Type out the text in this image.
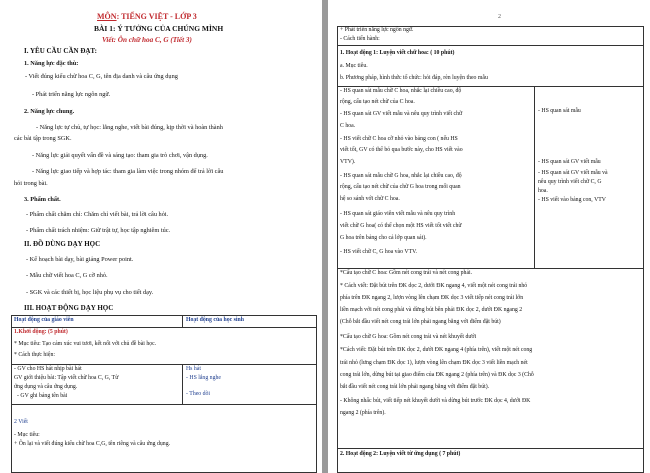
MÔN: TIẾNG VIỆT - LỚP 3
BÀI 1: Ý TƯỞNG CỦA CHÚNG MÌNH
Viết: Ôn chữ hoa C, G (Tiết 3)
I. YÊU CẦU CẦN ĐẠT:
1. Năng lực đặc thù:
- Viết đúng kiểu chữ hoa C, G, tên địa danh và câu ứng dụng
- Phát triển năng lực ngôn ngữ.
2. Năng lực chung.
- Năng lực tự chủ, tự học: lắng nghe, viết bài đúng, kịp thời và hoàn thành
các bài tập trong SGK.
- Năng lực giải quyết vấn đề và sáng tạo: tham gia trò chơi, vận dụng.
- Năng lực giao tiếp và hợp tác: tham gia làm việc trong nhóm để trả lời câu
hỏi trong bài.
3. Phẩm chất.
- Phẩm chất chăm chỉ: Chăm chỉ viết bài, trả lời câu hỏi.
- Phẩm chất trách nhiệm: Giữ trật tự, học tập nghiêm túc.
II. ĐỒ DÙNG DẠY HỌC
- Kế hoạch bài dạy, bài giảng Power point.
- Mẫu chữ viết hoa C, G cỡ nhỏ.
- SGK và các thiết bị, học liệu phụ vụ cho tiết dạy.
III. HOẠT ĐỘNG DẠY HỌC
Hoạt động của giáo viên	Hoạt động của học sinh
1.Khởi động: (5 phút)
* Mục tiêu: Tạo cảm xúc vui tươi, kết nối với chủ đề bài học.
* Cách thực hiện:
- GV cho HS hát nhịp bài hát
GV giới thiệu bài: Tập viết chữ hoa C, G, Từ
ứng dụng và câu ứng dụng.
- GV ghi bảng tên bài
Hs hát
- HS lắng nghe
- Theo dõi
2 Viết
- Mục tiêu:
+ Ôn lại và viết đúng kiểu chữ hoa C,G, tên riêng và câu ứng dụng.
2
+ Phát triển năng lực ngôn ngữ.
- Cách tiến hành:
1. Hoạt động 1: Luyện viết chữ hoa: ( 10 phút)
a. Mục tiêu.
b. Phương pháp, hình thức tổ chức: hỏi đáp, rèn luyện theo mẫu
- HS quan sát mẫu chữ C hoa, nhắc lại chiều cao, độ
rộng, cấu tạo nét chữ của C hoa.
- HS quan sát GV viết mẫu và nêu quy trình viết chữ
C hoa.
- HS viết chữ C hoa cỡ nhỏ vào bảng con ( nếu HS
viết tốt, GV có thể bỏ qua bước này, cho HS viết vào
VTV).
- HS quan sát mẫu chữ G hoa, nhắc lại chiều cao, độ
rộng, cấu tạo nét chữ của chữ G hoa trong mối quan
hệ so sánh với chữ C hoa.
- HS quan sát giáo viên viết mẫu và nêu quy trình
viết chữ G hoa( có thể chọn một HS viết tốt viết chữ
G hoa trên bảng cho cả lớp quan sát).
- HS viết chữ C, G hoa vào VTV.
- HS quan sát mẫu
- HS quan sát GV viết mẫu
- HS quan sát GV viết mẫu và
nêu quy trình viết chữ C, G
hoa.
- HS viết vào bảng con, VTV
*Cấu tạo chữ C hoa: Gồm nét cong trái và nét cong phải.
* Cách viết: Đặt bút trên ĐK dọc 2, dưới ĐK ngang 4, viết một nét cong trái nhỏ
phía trên ĐK ngang 2, lượn vòng lên chạm ĐK dọc 3 viết tiếp nét cong trái lớn
liền mạch với nét cong phải và dừng bút bên phải ĐK dọc 2, dưới ĐK ngang 2
(Chỗ bắt đầu viết nét cong trái lớn phải ngang bằng với điểm đặt bút)
*Cấu tạo chữ G hoa: Gồm nét cong trái và nét khuyết dưới
*Cách viết: Đặt bút trên ĐK dọc 2, dưới ĐK ngang 4 (phía trên), viết một nét cong
trái nhỏ (lưng chạm ĐK dọc 1), lượn vòng lên chạm ĐK dọc 3 viết liền mạch nét
cong trái lớn, dừng bút tại giao điểm của ĐK ngang 2 (phía trên) và ĐK dọc 3 (Chỗ
bắt đầu viết nét cong trái lớn phải ngang bằng với điểm đặt bút).
- Không nhấc bút, viết tiếp nét khuyết dưới và dừng bút trước ĐK dọc 4, dưới ĐK
ngang 2 (phía trên).
2. Hoạt động 2: Luyện viết từ ứng dụng ( 7 phút)
